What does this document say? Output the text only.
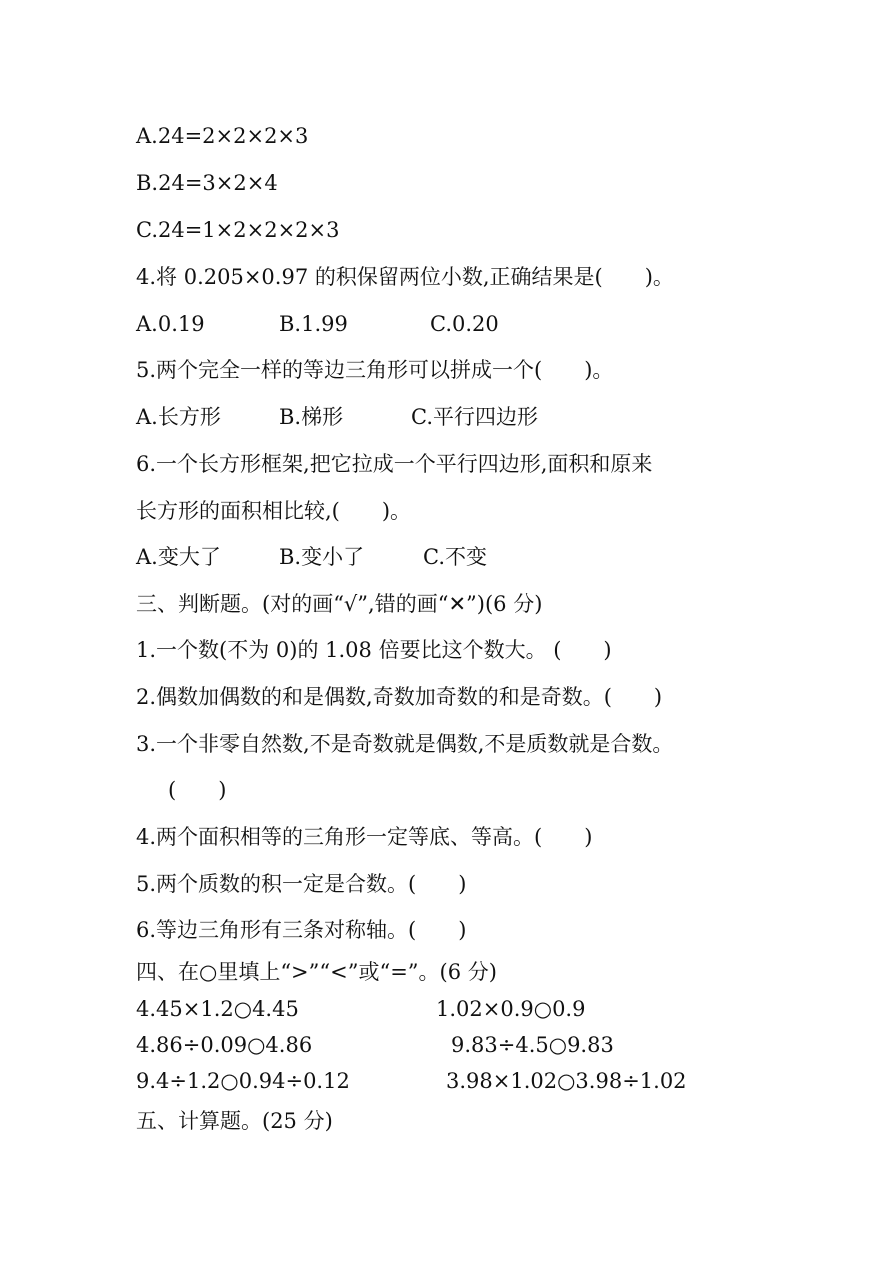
A.24=2×2×2×3

B.24=3×2×4

C.24=1×2×2×2×3

4.将 0.205×0.97 的积保留两位小数,正确结果是(　　)。

A.0.19	B.1.99	C.0.20

5.两个完全一样的等边三角形可以拼成一个(　　)。

A.长方形	B.梯形	C.平行四边形

6.一个长方形框架,把它拉成一个平行四边形,面积和原来

长方形的面积相比较,(　　)。

A.变大了	B.变小了	C.不变

三、判断题。(对的画“√”,错的画“✕”)(6 分)

1.一个数(不为 0)的 1.08 倍要比这个数大。 (　　)

2.偶数加偶数的和是偶数,奇数加奇数的和是奇数。(　　)

3.一个非零自然数,不是奇数就是偶数,不是质数就是合数。

(　　)

4.两个面积相等的三角形一定等底、等高。(　　)

5.两个质数的积一定是合数。(　　)

6.等边三角形有三条对称轴。(　　)

四、在○里填上“>”“<”或“=”。(6 分)

4.45×1.2○4.45	1.02×0.9○0.9
4.86÷0.09○4.86	9.83÷4.5○9.83
9.4÷1.2○0.94÷0.12	3.98×1.02○3.98÷1.02

五、计算题。(25 分)
